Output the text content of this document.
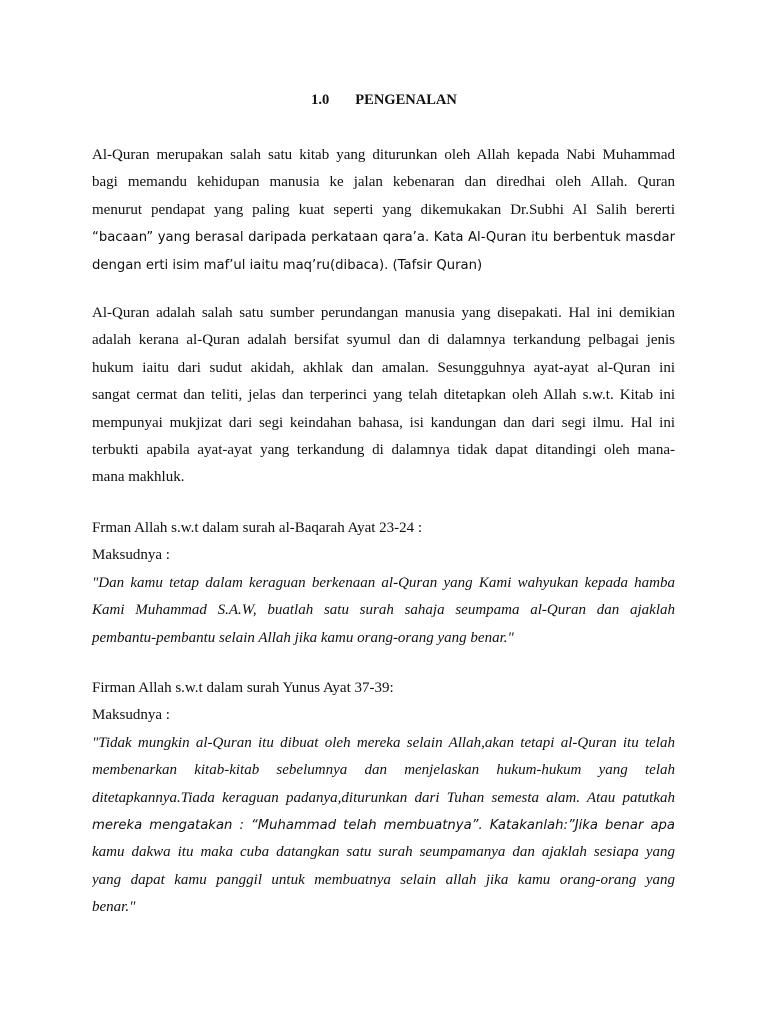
1.0 PENGENALAN
Al-Quran merupakan salah satu kitab yang diturunkan oleh Allah kepada Nabi Muhammad
bagi memandu kehidupan manusia ke jalan kebenaran dan diredhai oleh Allah. Quran
menurut pendapat yang paling kuat seperti yang dikemukakan Dr.Subhi Al Salih bererti
“bacaan” yang berasal daripada perkataan qara’a. Kata Al-Quran itu berbentuk masdar
dengan erti isim maf’ul iaitu maq’ru(dibaca). (Tafsir Quran)
Al-Quran adalah salah satu sumber perundangan manusia yang disepakati. Hal ini demikian
adalah kerana al-Quran adalah bersifat syumul dan di dalamnya terkandung pelbagai jenis
hukum iaitu dari sudut akidah, akhlak dan amalan. Sesungguhnya ayat-ayat al-Quran ini
sangat cermat dan teliti, jelas dan terperinci yang telah ditetapkan oleh Allah s.w.t. Kitab ini
mempunyai mukjizat dari segi keindahan bahasa, isi kandungan dan dari segi ilmu. Hal ini
terbukti apabila ayat-ayat yang terkandung di dalamnya tidak dapat ditandingi oleh mana-
mana makhluk.
Frman Allah s.w.t dalam surah al-Baqarah Ayat 23-24 :
Maksudnya :
"Dan kamu tetap dalam keraguan berkenaan al-Quran yang Kami wahyukan kepada hamba
Kami Muhammad S.A.W, buatlah satu surah sahaja seumpama al-Quran dan ajaklah
pembantu-pembantu selain Allah jika kamu orang-orang yang benar."
Firman Allah s.w.t dalam surah Yunus Ayat 37-39:
Maksudnya :
"Tidak mungkin al-Quran itu dibuat oleh mereka selain Allah,akan tetapi al-Quran itu telah
membenarkan kitab-kitab sebelumnya dan menjelaskan hukum-hukum yang telah
ditetapkannya.Tiada keraguan padanya,diturunkan dari Tuhan semesta alam. Atau patutkah
mereka mengatakan : “Muhammad telah membuatnya”. Katakanlah:”Jika benar apa
kamu dakwa itu maka cuba datangkan satu surah seumpamanya dan ajaklah sesiapa yang
yang dapat kamu panggil untuk membuatnya selain allah jika kamu orang-orang yang
benar."
